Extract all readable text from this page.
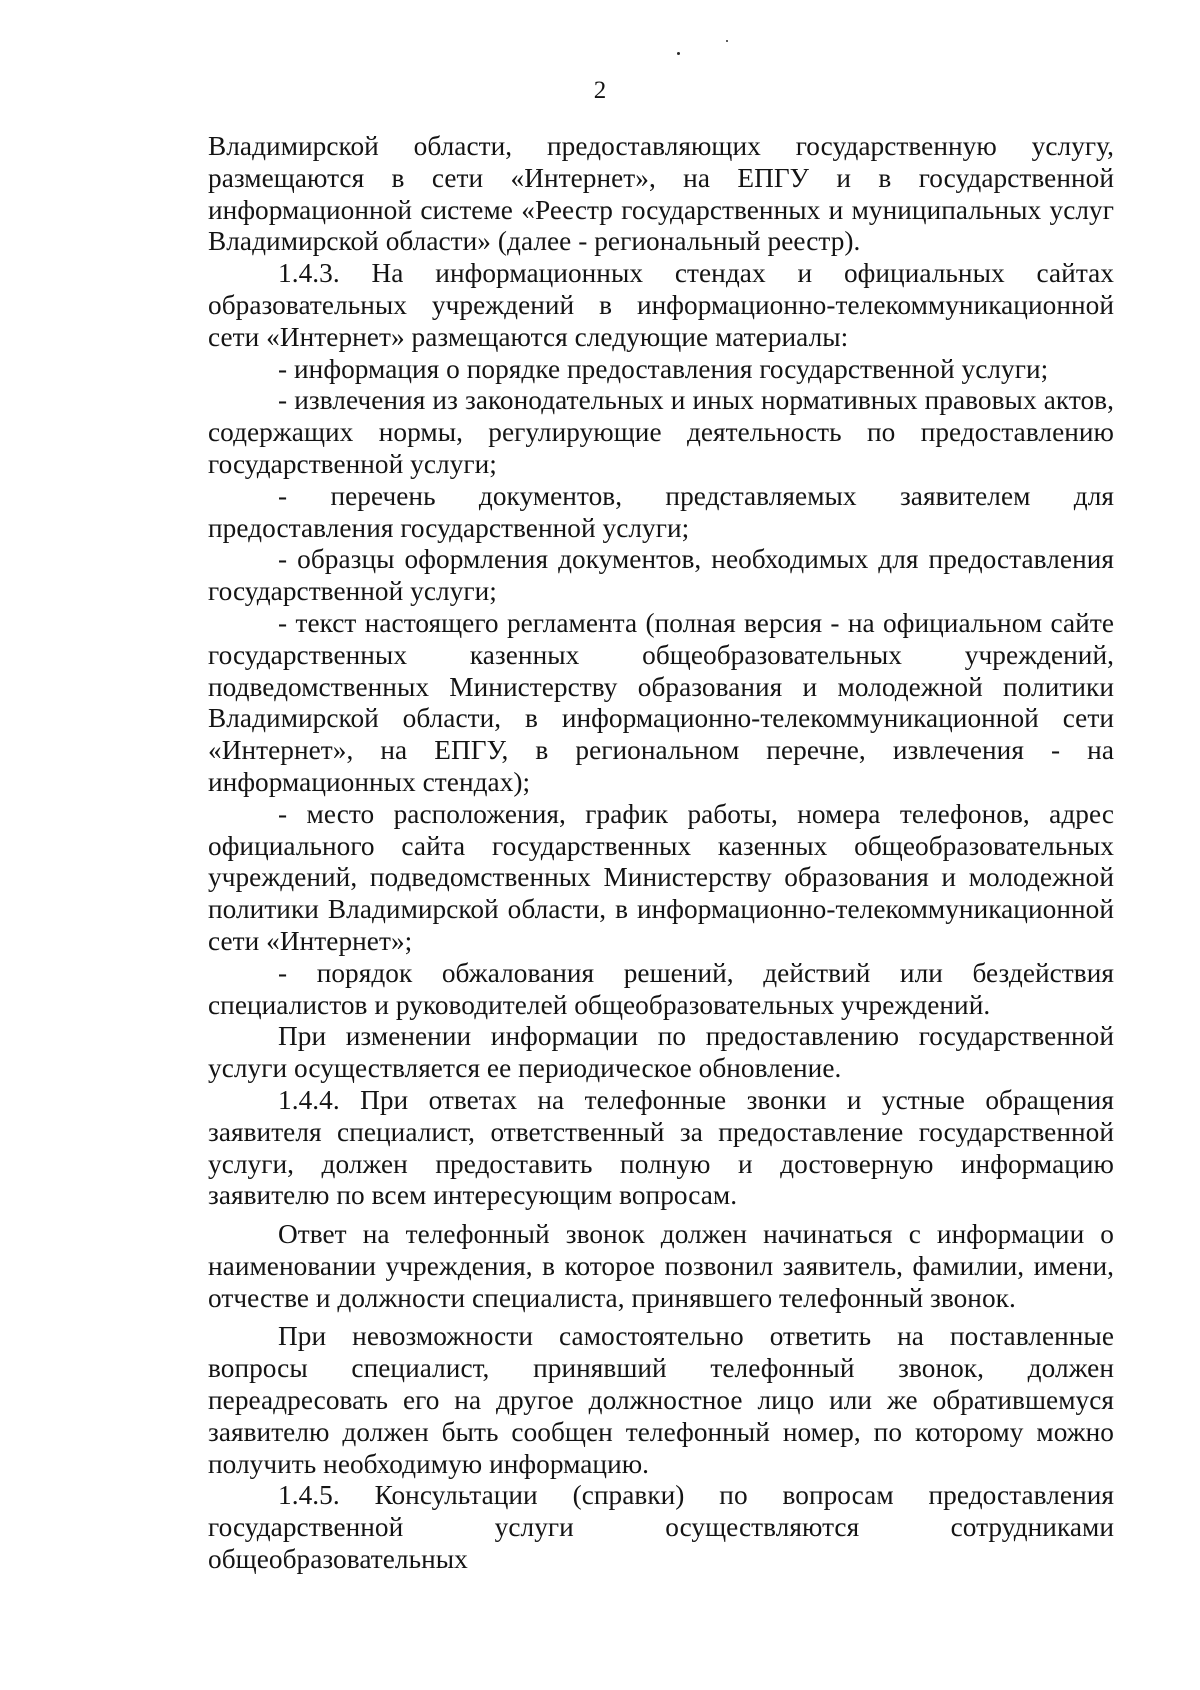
2

Владимирской области, предоставляющих государственную услугу, размещаются в сети «Интернет», на ЕПГУ и в государственной информационной системе «Реестр государственных и муниципальных услуг Владимирской области» (далее - региональный реестр).

1.4.3. На информационных стендах и официальных сайтах образовательных учреждений в информационно-телекоммуникационной сети «Интернет» размещаются следующие материалы:

- информация о порядке предоставления государственной услуги;

- извлечения из законодательных и иных нормативных правовых актов, содержащих нормы, регулирующие деятельность по предоставлению государственной услуги;

- перечень документов, представляемых заявителем для предоставления государственной услуги;

- образцы оформления документов, необходимых для предоставления государственной услуги;

- текст настоящего регламента (полная версия - на официальном сайте государственных казенных общеобразовательных учреждений, подведомственных Министерству образования и молодежной политики Владимирской области, в информационно-телекоммуникационной сети «Интернет», на ЕПГУ, в региональном перечне, извлечения - на информационных стендах);

- место расположения, график работы, номера телефонов, адрес официального сайта государственных казенных общеобразовательных учреждений, подведомственных Министерству образования и молодежной политики Владимирской области, в информационно-телекоммуникационной сети «Интернет»;

- порядок обжалования решений, действий или бездействия специалистов и руководителей общеобразовательных учреждений.

При изменении информации по предоставлению государственной услуги осуществляется ее периодическое обновление.

1.4.4. При ответах на телефонные звонки и устные обращения заявителя специалист, ответственный за предоставление государственной услуги, должен предоставить полную и достоверную информацию заявителю по всем интересующим вопросам.

Ответ на телефонный звонок должен начинаться с информации о наименовании учреждения, в которое позвонил заявитель, фамилии, имени, отчестве и должности специалиста, принявшего телефонный звонок.

При невозможности самостоятельно ответить на поставленные вопросы специалист, принявший телефонный звонок, должен переадресовать его на другое должностное лицо или же обратившемуся заявителю должен быть сообщен телефонный номер, по которому можно получить необходимую информацию.

1.4.5. Консультации (справки) по вопросам предоставления государственной услуги осуществляются сотрудниками общеобразовательных
